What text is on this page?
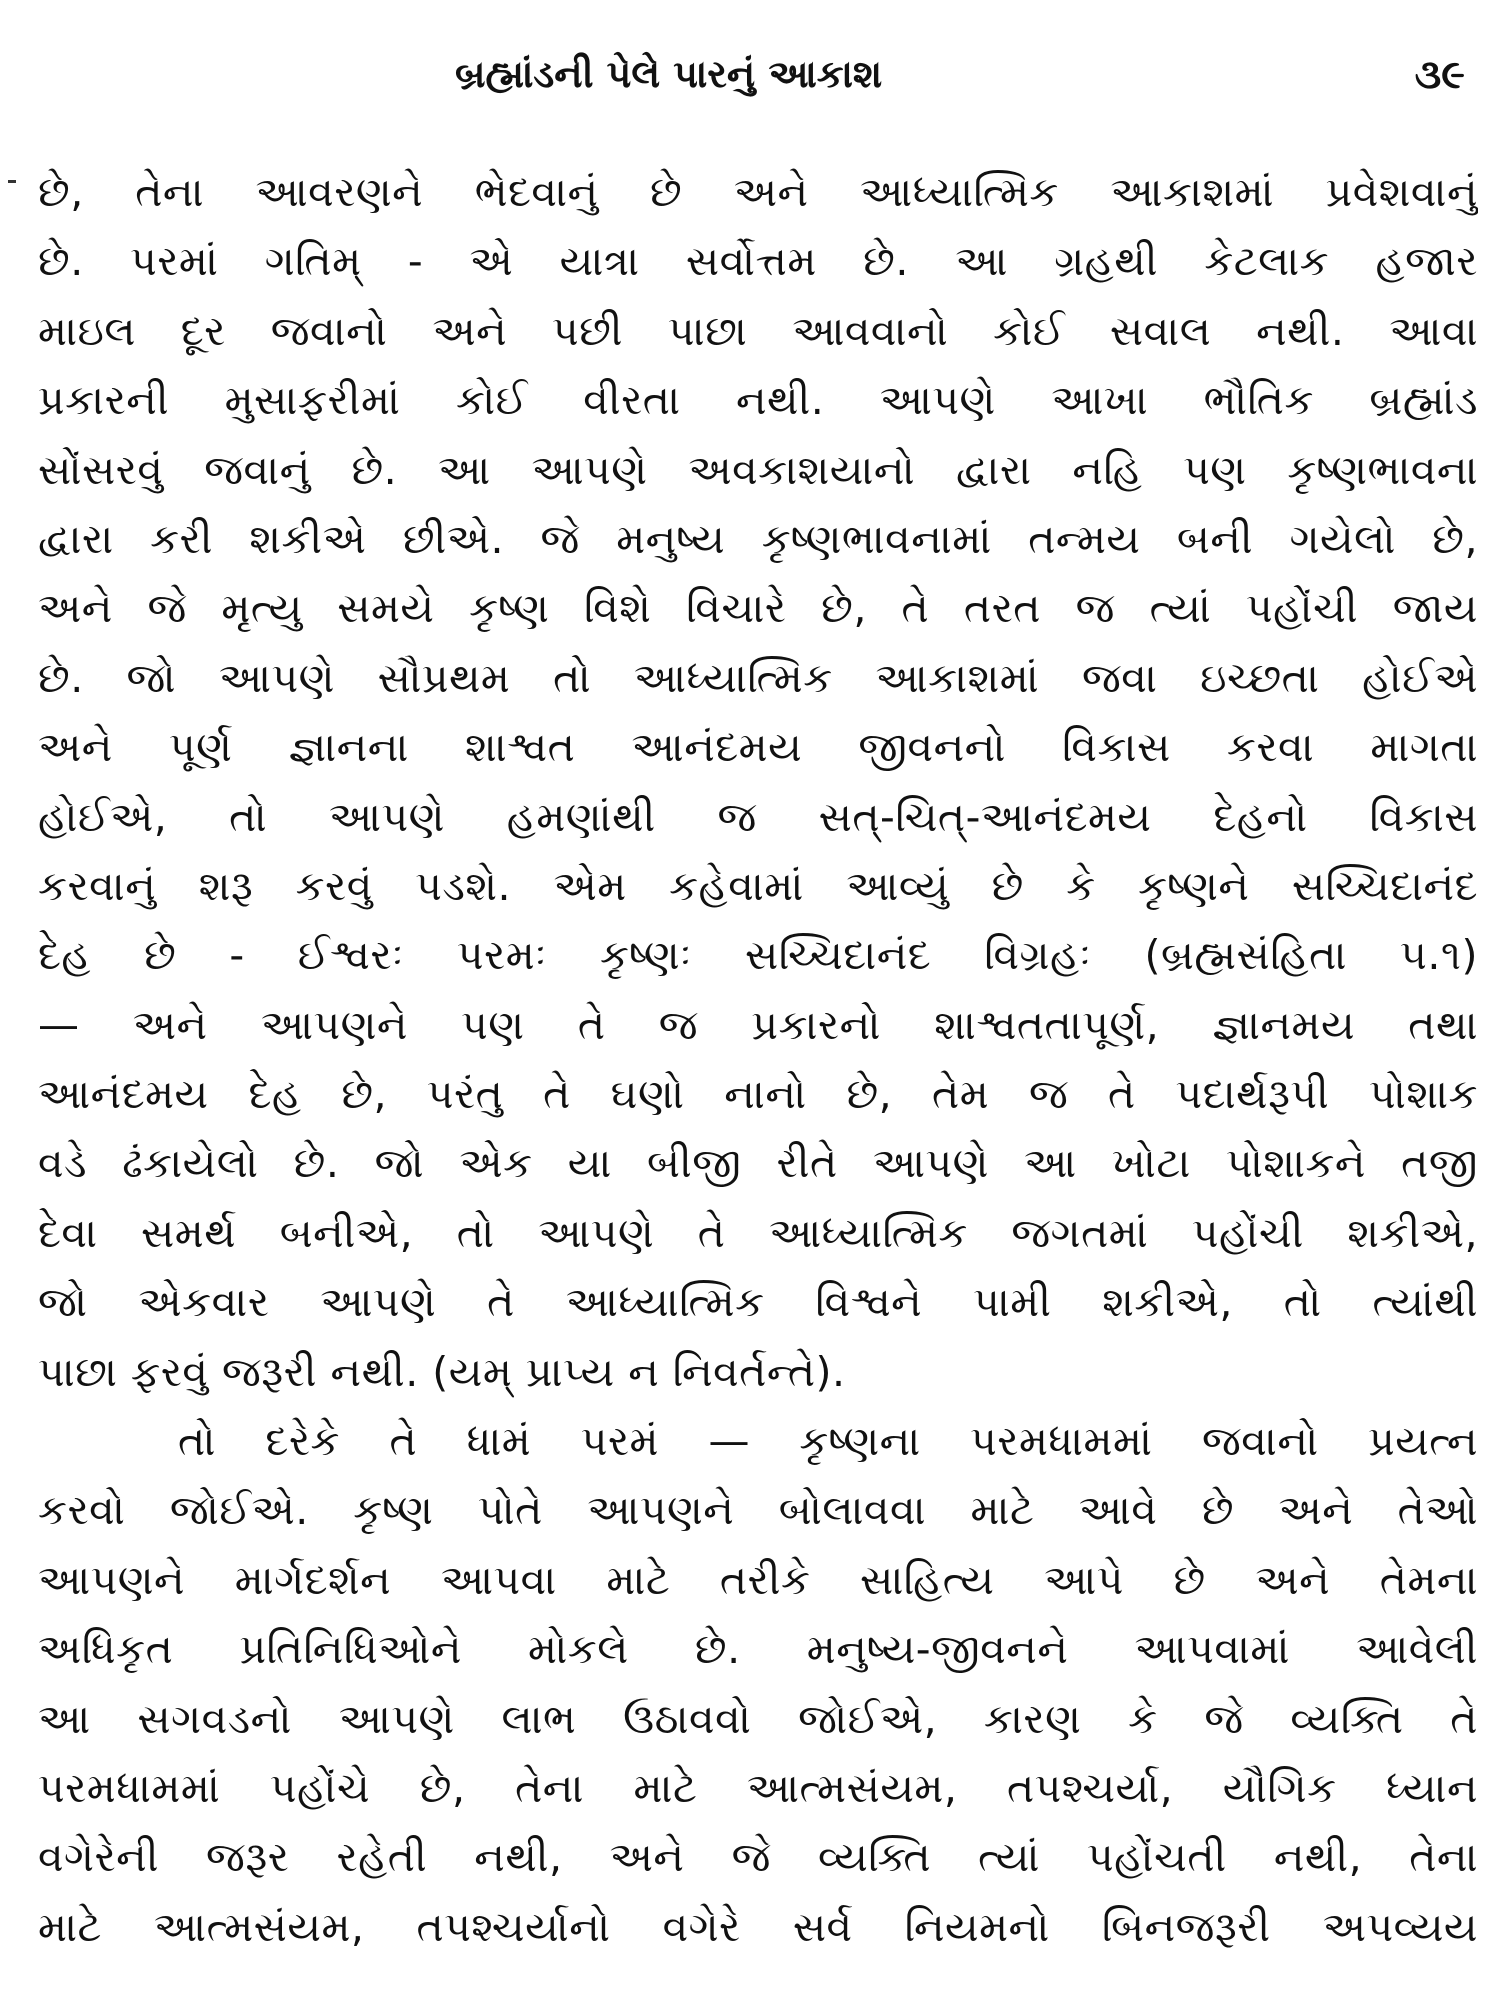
બ્રહ્માંડની પેલે પારનું આકાશ	૩૯
છે, તેના આવરણને ભેદવાનું છે અને આધ્યાત્મિક આકાશમાં પ્રવેશવાનું
છે. પરમાં ગતિમ્ - એ યાત્રા સર્વોત્તમ છે. આ ગ્રહથી કેટલાક હજાર
માઇલ દૂર જવાનો અને પછી પાછા આવવાનો કોઈ સવાલ નથી. આવા
પ્રકારની મુસાફરીમાં કોઈ વીરતા નથી. આપણે આખા ભૌતિક બ્રહ્માંડ
સોંસરવું જવાનું છે. આ આપણે અવકાશયાનો દ્વારા નહિ પણ કૃષ્ણભાવના
દ્વારા કરી શકીએ છીએ. જે મનુષ્ય કૃષ્ણભાવનામાં તન્મય બની ગયેલો છે,
અને જે મૃત્યુ સમયે કૃષ્ણ વિશે વિચારે છે, તે તરત જ ત્યાં પહોંચી જાય
છે. જો આપણે સૌપ્રથમ તો આધ્યાત્મિક આકાશમાં જવા ઇચ્છતા હોઈએ
અને પૂર્ણ જ્ઞાનના શાશ્વત આનંદમય જીવનનો વિકાસ કરવા માગતા
હોઈએ, તો આપણે હમણાંથી જ સત્-ચિત્-આનંદમય દેહનો વિકાસ
કરવાનું શરૂ કરવું પડશે. એમ કહેવામાં આવ્યું છે કે કૃષ્ણને સચ્ચિદાનંદ
દેહ છે - ઈશ્વરઃ પરમઃ કૃષ્ણઃ સચ્ચિદાનંદ વિગ્રહઃ (બ્રહ્મસંહિતા ૫.૧)
— અને આપણને પણ તે જ પ્રકારનો શાશ્વતતાપૂર્ણ, જ્ઞાનમય તથા
આનંદમય દેહ છે, પરંતુ તે ઘણો નાનો છે, તેમ જ તે પદાર્થરૂપી પોશાક
વડે ઢંકાયેલો છે. જો એક યા બીજી રીતે આપણે આ ખોટા પોશાકને તજી
દેવા સમર્થ બનીએ, તો આપણે તે આધ્યાત્મિક જગતમાં પહોંચી શકીએ,
જો એકવાર આપણે તે આધ્યાત્મિક વિશ્વને પામી શકીએ, તો ત્યાંથી
પાછા ફરવું જરૂરી નથી. (યમ્ પ્રાપ્ય ન નિવર્તન્તે).
તો દરેકે તે ધામં પરમં — કૃષ્ણના પરમધામમાં જવાનો પ્રયત્ન
કરવો જોઈએ. કૃષ્ણ પોતે આપણને બોલાવવા માટે આવે છે અને તેઓ
આપણને માર્ગદર્શન આપવા માટે તરીકે સાહિત્ય આપે છે અને તેમના
અધિકૃત પ્રતિનિધિઓને મોકલે છે. મનુષ્ય-જીવનને આપવામાં આવેલી
આ સગવડનો આપણે લાભ ઉઠાવવો જોઈએ, કારણ કે જે વ્યક્તિ તે
પરમધામમાં પહોંચે છે, તેના માટે આત્મસંયમ, તપશ્ચર્યા, યૌગિક ધ્યાન
વગેરેની જરૂર રહેતી નથી, અને જે વ્યક્તિ ત્યાં પહોંચતી નથી, તેના
માટે આત્મસંયમ, તપશ્ચર્યાનો વગેરે સર્વ નિયમનો બિનજરૂરી અપવ્યય
